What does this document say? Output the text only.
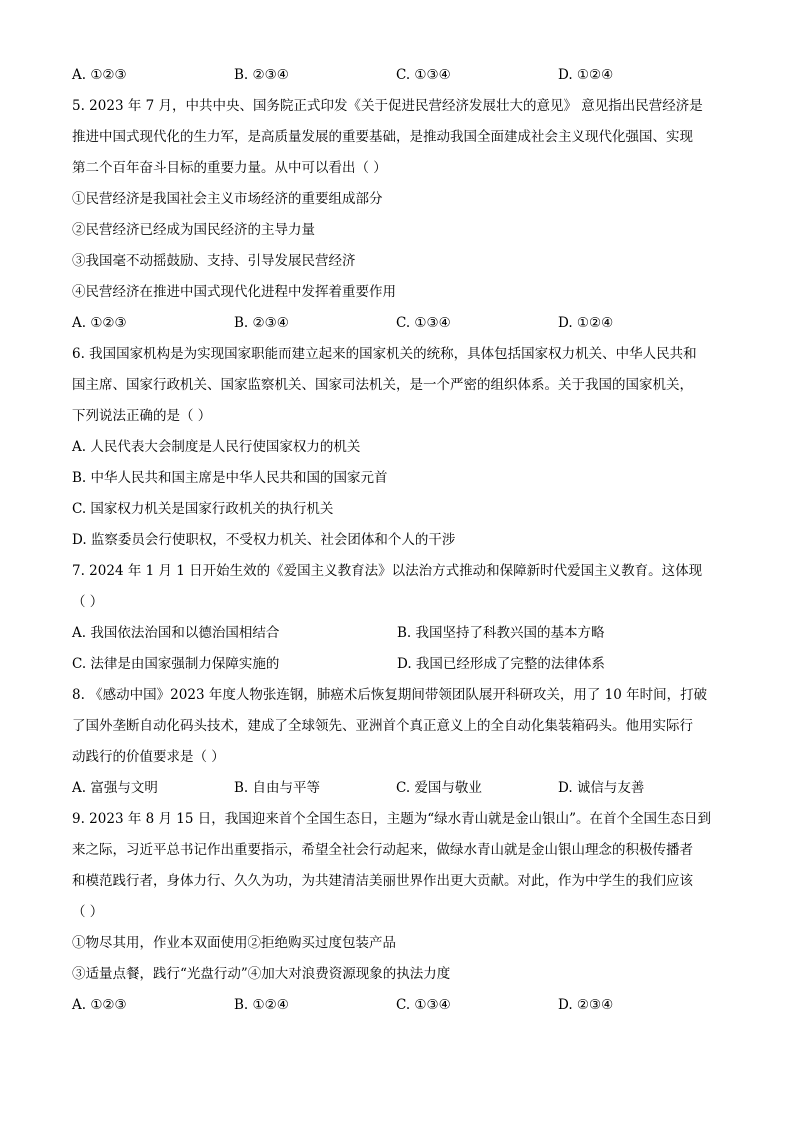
A. ①②③	B. ②③④	C. ①③④	D. ①②④
5. 2023 年 7 月，中共中央、国务院正式印发《关于促进民营经济发展壮大的意见》 意见指出民营经济是
推进中国式现代化的生力军，是高质量发展的重要基础，是推动我国全面建成社会主义现代化强国、实现
第二个百年奋斗目标的重要力量。从中可以看出（ ）
①民营经济是我国社会主义市场经济的重要组成部分
②民营经济已经成为国民经济的主导力量
③我国毫不动摇鼓励、支持、引导发展民营经济
④民营经济在推进中国式现代化进程中发挥着重要作用
A. ①②③	B. ②③④	C. ①③④	D. ①②④
6. 我国国家机构是为实现国家职能而建立起来的国家机关的统称，具体包括国家权力机关、中华人民共和
国主席、国家行政机关、国家监察机关、国家司法机关，是一个严密的组织体系。关于我国的国家机关，
下列说法正确的是（ ）
A. 人民代表大会制度是人民行使国家权力的机关
B. 中华人民共和国主席是中华人民共和国的国家元首
C. 国家权力机关是国家行政机关的执行机关
D. 监察委员会行使职权，不受权力机关、社会团体和个人的干涉
7. 2024 年 1 月 1 日开始生效的《爱国主义教育法》以法治方式推动和保障新时代爱国主义教育。这体现
（ ）
A. 我国依法治国和以德治国相结合	B. 我国坚持了科教兴国的基本方略
C. 法律是由国家强制力保障实施的	D. 我国已经形成了完整的法律体系
8. 《感动中国》2023 年度人物张连钢，肺癌术后恢复期间带领团队展开科研攻关，用了 10 年时间，打破
了国外垄断自动化码头技术，建成了全球领先、亚洲首个真正意义上的全自动化集装箱码头。他用实际行
动践行的价值要求是（ ）
A. 富强与文明	B. 自由与平等	C. 爱国与敬业	D. 诚信与友善
9. 2023 年 8 月 15 日，我国迎来首个全国生态日，主题为“绿水青山就是金山银山”。在首个全国生态日到
来之际，习近平总书记作出重要指示，希望全社会行动起来，做绿水青山就是金山银山理念的积极传播者
和模范践行者，身体力行、久久为功，为共建清洁美丽世界作出更大贡献。对此，作为中学生的我们应该
（ ）
①物尽其用，作业本双面使用②拒绝购买过度包装产品
③适量点餐，践行“光盘行动”④加大对浪费资源现象的执法力度
A. ①②③	B. ①②④	C. ①③④	D. ②③④
